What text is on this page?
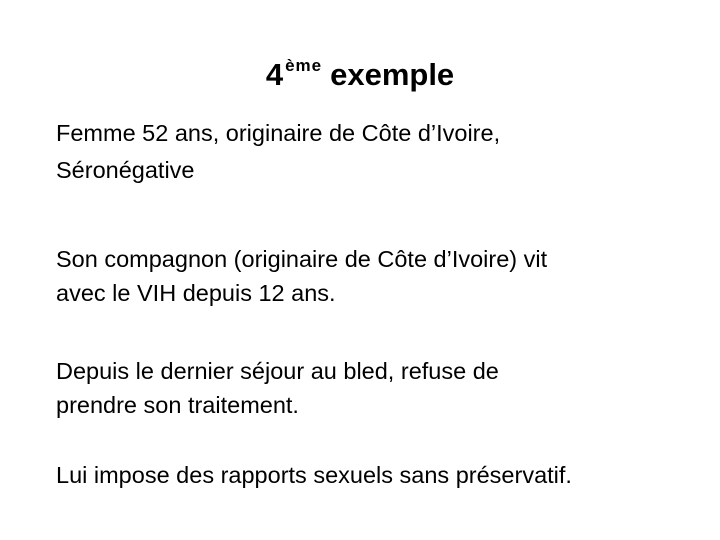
4 $^{ème}$ exemple
Femme 52 ans, originaire de Côte d’Ivoire,
Séronégative
Son compagnon (originaire de Côte d’Ivoire) vit
avec le VIH depuis 12 ans.
Depuis le dernier séjour au bled, refuse de
prendre son traitement.
Lui impose des rapports sexuels sans préservatif.
